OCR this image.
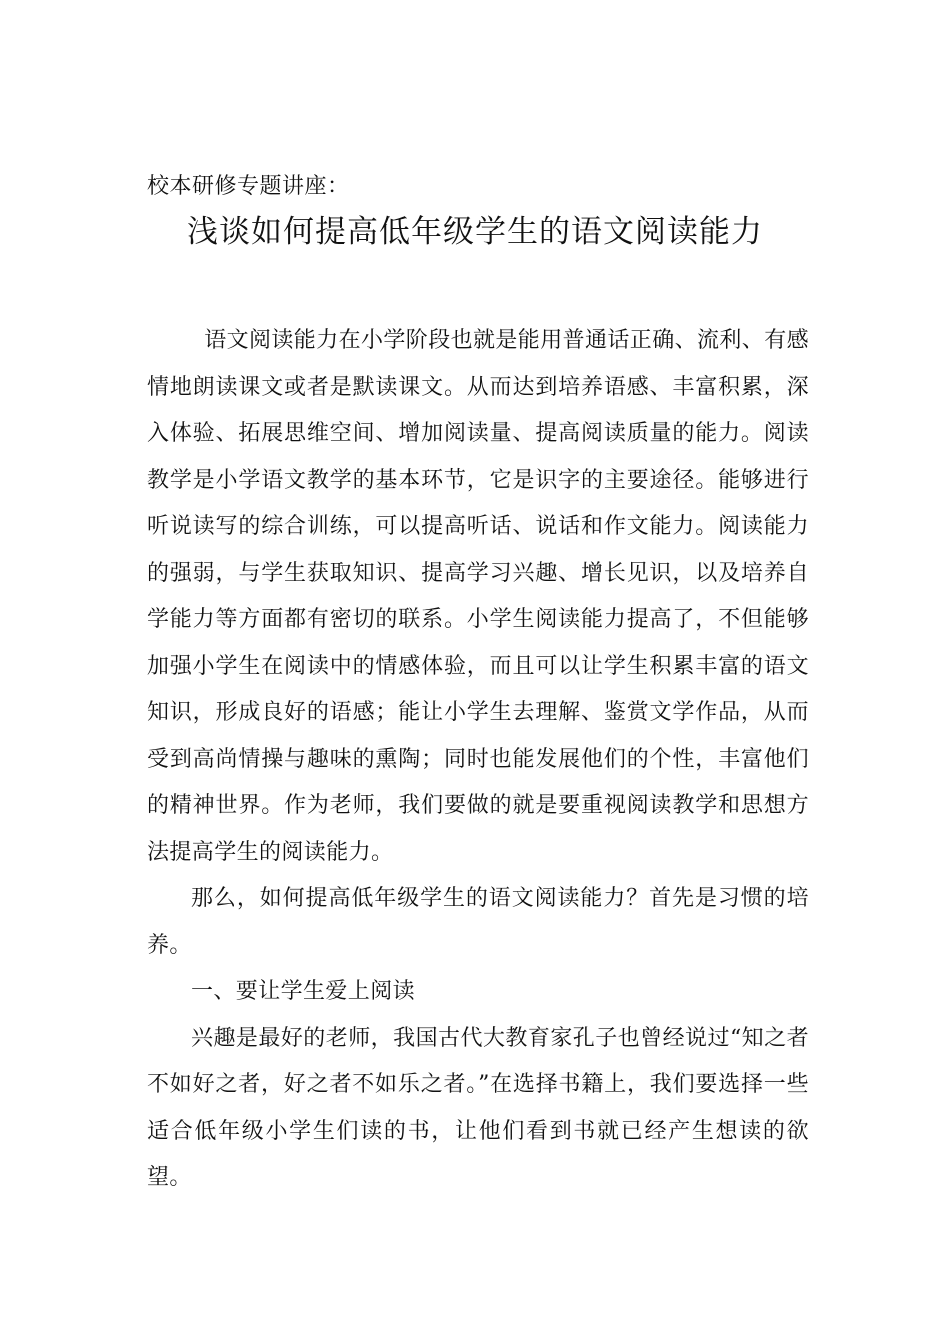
校本研修专题讲座：
浅谈如何提高低年级学生的语文阅读能力

语文阅读能力在小学阶段也就是能用普通话正确、流利、有感情地朗读课文或者是默读课文。从而达到培养语感、丰富积累，深入体验、拓展思维空间、增加阅读量、提高阅读质量的能力。阅读教学是小学语文教学的基本环节，它是识字的主要途径。能够进行听说读写的综合训练，可以提高听话、说话和作文能力。阅读能力的强弱，与学生获取知识、提高学习兴趣、增长见识，以及培养自学能力等方面都有密切的联系。小学生阅读能力提高了，不但能够加强小学生在阅读中的情感体验，而且可以让学生积累丰富的语文知识，形成良好的语感；能让小学生去理解、鉴赏文学作品，从而受到高尚情操与趣味的熏陶；同时也能发展他们的个性，丰富他们的精神世界。作为老师，我们要做的就是要重视阅读教学和思想方法提高学生的阅读能力。

那么，如何提高低年级学生的语文阅读能力？首先是习惯的培养。

一、要让学生爱上阅读

兴趣是最好的老师，我国古代大教育家孔子也曾经说过“知之者不如好之者，好之者不如乐之者。”在选择书籍上，我们要选择一些适合低年级小学生们读的书，让他们看到书就已经产生想读的欲望。
